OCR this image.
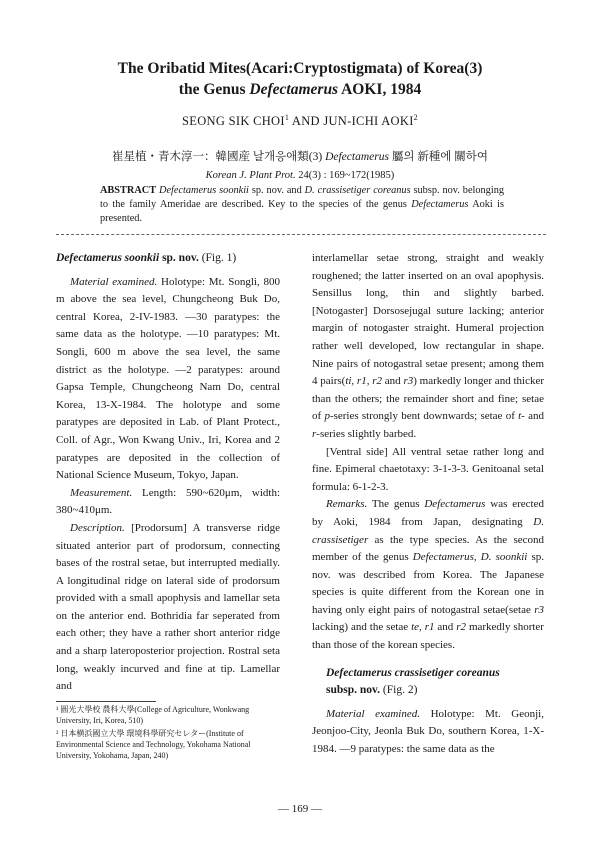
The Oribatid Mites(Acari:Cryptostigmata) of Korea(3)
the Genus Defectamerus AOKI, 1984
SEONG SIK CHOI$^1$ AND JUN-ICHI AOKI$^2$
崔星植・青木淳一：韓國産 날개응애類(3) Defectamerus 屬의 新種에 關하여
Korean J. Plant Prot. 24(3) : 169~172(1985)
ABSTRACT Defectamerus soonkii sp. nov. and D. crassisetiger coreanus subsp. nov. belonging to the family Ameridae are described. Key to the species of the genus Defectamerus Aoki is presented.

Defectamerus soonkii sp. nov. (Fig. 1)

Material examined. Holotype: Mt. Songli, 800 m above the sea level, Chungcheong Buk Do, central Korea, 2-IV-1983. —30 paratypes: the same data as the holotype. —10 paratypes: Mt. Songli, 600 m above the sea level, the same district as the holotype. —2 paratypes: around Gapsa Temple, Chungcheong Nam Do, central Korea, 13-X-1984. The holotype and some paratypes are deposited in Lab. of Plant Protect., Coll. of Agr., Won Kwang Univ., Iri, Korea and 2 paratypes are deposited in the collection of National Science Museum, Tokyo, Japan.

Measurement. Length: 590~620μm, width: 380~410μm.

Description. [Prodorsum] A transverse ridge situated anterior part of prodorsum, connecting bases of the rostral setae, but interrupted medially. A longitudinal ridge on lateral side of prodorsum provided with a small apophysis and lamellar seta on the anterior end. Bothridia far seperated from each other; they have a rather short anterior ridge and a sharp lateroposterior projection. Rostral seta long, weakly incurved and fine at tip. Lamellar and

interlamellar setae strong, straight and weakly roughened; the latter inserted on an oval apophysis. Sensillus long, thin and slightly barbed. [Notogaster] Dorsosejugal suture lacking; anterior margin of notogaster straight. Humeral projection rather well developed, low rectangular in shape. Nine pairs of notogastral setae present; among them 4 pairs(ti, r1, r2 and r3) markedly longer and thicker than the others; the remainder short and fine; setae of p-series strongly bent downwards; setae of t- and r-series slightly barbed.

[Ventral side] All ventral setae rather long and fine. Epimeral chaetotaxy: 3-1-3-3. Genitoanal setal formula: 6-1-2-3.

Remarks. The genus Defectamerus was erected by Aoki, 1984 from Japan, designating D. crassisetiger as the type species. As the second member of the genus Defectamerus, D. soonkii sp. nov. was described from Korea. The Japanese species is quite different from the Korean one in having only eight pairs of notogastral setae(setae r3 lacking) and the setae te, r1 and r2 markedly shorter than those of the korean species.

Defectamerus crassisetiger coreanus
subsp. nov. (Fig. 2)

Material examined. Holotype: Mt. Geonji, Jeonjoo-City, Jeonla Buk Do, southern Korea, 1-X-1984. —9 paratypes: the same data as the

¹ 圓光大學校 農科大學(College of Agriculture, Wonkwang University, Iri, Korea, 510)
² 日本横浜國立大學 環境科學研究セレター(Institute of Environmental Science and Technology, Yokohama National University, Yokohama, Japan, 240)
— 169 —
